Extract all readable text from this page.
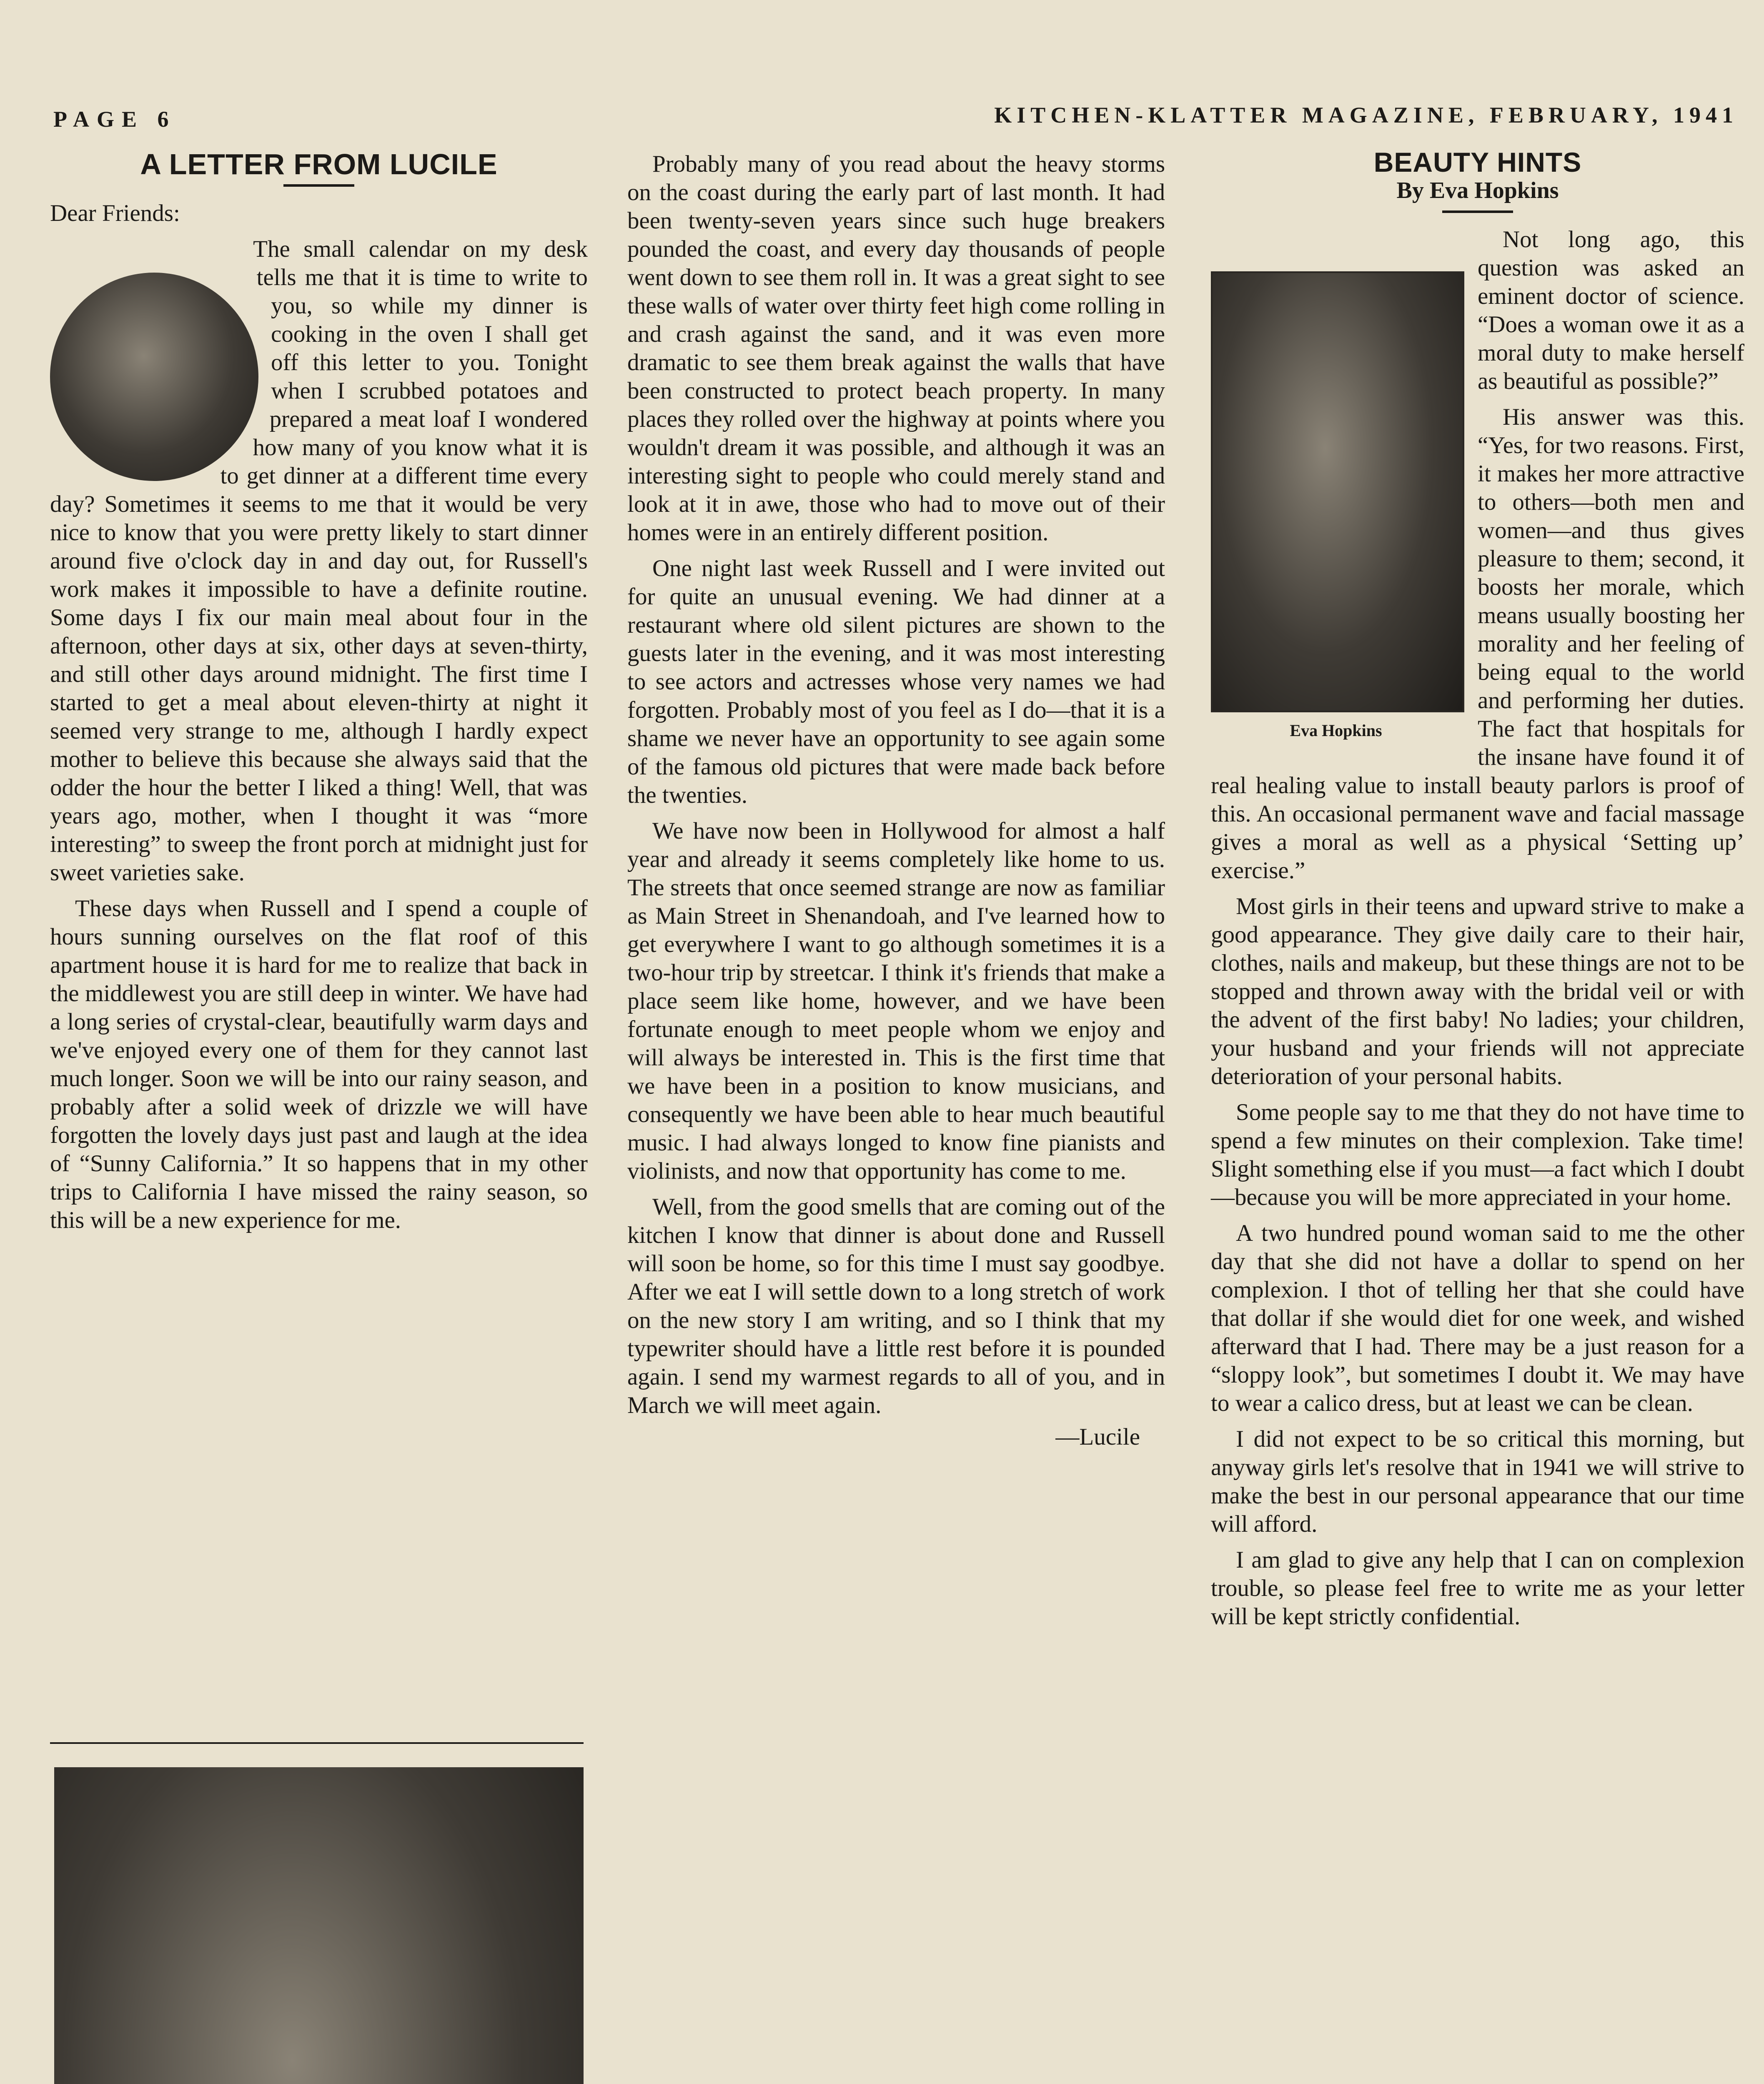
PAGE 6	KITCHEN-KLATTER MAGAZINE, FEBRUARY, 1941
A LETTER FROM LUCILE

Dear Friends:

The small calendar on my desk tells me that it is time to write to you, so while my dinner is cooking in the oven I shall get off this letter to you. Tonight when I scrubbed potatoes and prepared a meat loaf I wondered how many of you know what it is to get dinner at a different time every day? Sometimes it seems to me that it would be very nice to know that you were pretty likely to start dinner around five o'clock day in and day out, for Russell's work makes it impossible to have a definite routine. Some days I fix our main meal about four in the afternoon, other days at six, other days at seven-thirty, and still other days around midnight. The first time I started to get a meal about eleven-thirty at night it seemed very strange to me, although I hardly expect mother to believe this because she always said that the odder the hour the better I liked a thing! Well, that was years ago, mother, when I thought it was “more interesting” to sweep the front porch at midnight just for sweet varieties sake.

These days when Russell and I spend a couple of hours sunning ourselves on the flat roof of this apartment house it is hard for me to realize that back in the middlewest you are still deep in winter. We have had a long series of crystal-clear, beautifully warm days and we've enjoyed every one of them for they cannot last much longer. Soon we will be into our rainy season, and probably after a solid week of drizzle we will have forgotten the lovely days just past and laugh at the idea of “Sunny California.” It so happens that in my other trips to California I have missed the rainy season, so this will be a new experience for me.

Probably many of you read about the heavy storms on the coast during the early part of last month. It had been twenty-seven years since such huge breakers pounded the coast, and every day thousands of people went down to see them roll in. It was a great sight to see these walls of water over thirty feet high come rolling in and crash against the sand, and it was even more dramatic to see them break against the walls that have been constructed to protect beach property. In many places they rolled over the highway at points where you wouldn't dream it was possible, and although it was an interesting sight to people who could merely stand and look at it in awe, those who had to move out of their homes were in an entirely different position.

One night last week Russell and I were invited out for quite an unusual evening. We had dinner at a restaurant where old silent pictures are shown to the guests later in the evening, and it was most interesting to see actors and actresses whose very names we had forgotten. Probably most of you feel as I do—that it is a shame we never have an opportunity to see again some of the famous old pictures that were made back before the twenties.

We have now been in Hollywood for almost a half year and already it seems completely like home to us. The streets that once seemed strange are now as familiar as Main Street in Shenandoah, and I've learned how to get everywhere I want to go although sometimes it is a two-hour trip by streetcar. I think it's friends that make a place seem like home, however, and we have been fortunate enough to meet people whom we enjoy and will always be interested in. This is the first time that we have been in a position to know musicians, and consequently we have been able to hear much beautiful music. I had always longed to know fine pianists and violinists, and now that opportunity has come to me.

Well, from the good smells that are coming out of the kitchen I know that dinner is about done and Russell will soon be home, so for this time I must say goodbye. After we eat I will settle down to a long stretch of work on the new story I am writing, and so I think that my typewriter should have a little rest before it is pounded again. I send my warmest regards to all of you, and in March we will meet again.

—Lucile
BEAUTY HINTS
By Eva Hopkins
Eva Hopkins

Not long ago, this question was asked an eminent doctor of science. “Does a woman owe it as a moral duty to make herself as beautiful as possible?”

His answer was this. “Yes, for two reasons. First, it makes her more attractive to others—both men and women—and thus gives pleasure to them; second, it boosts her morale, which means usually boosting her morality and her feeling of being equal to the world and performing her duties. The fact that hospitals for the insane have found it of real healing value to install beauty parlors is proof of this. An occasional permanent wave and facial massage gives a moral as well as a physical ‘Setting up’ exercise.”

Most girls in their teens and upward strive to make a good appearance. They give daily care to their hair, clothes, nails and makeup, but these things are not to be stopped and thrown away with the bridal veil or with the advent of the first baby! No ladies; your children, your husband and your friends will not appreciate deterioration of your personal habits.

Some people say to me that they do not have time to spend a few minutes on their complexion. Take time! Slight something else if you must—a fact which I doubt—because you will be more appreciated in your home.

A two hundred pound woman said to me the other day that she did not have a dollar to spend on her complexion. I thot of telling her that she could have that dollar if she would diet for one week, and wished afterward that I had. There may be a just reason for a “sloppy look”, but sometimes I doubt it. We may have to wear a calico dress, but at least we can be clean.

I did not expect to be so critical this morning, but anyway girls let's resolve that in 1941 we will strive to make the best in our personal appearance that our time will afford.

I am glad to give any help that I can on complexion trouble, so please feel free to write me as your letter will be kept strictly confidential.
